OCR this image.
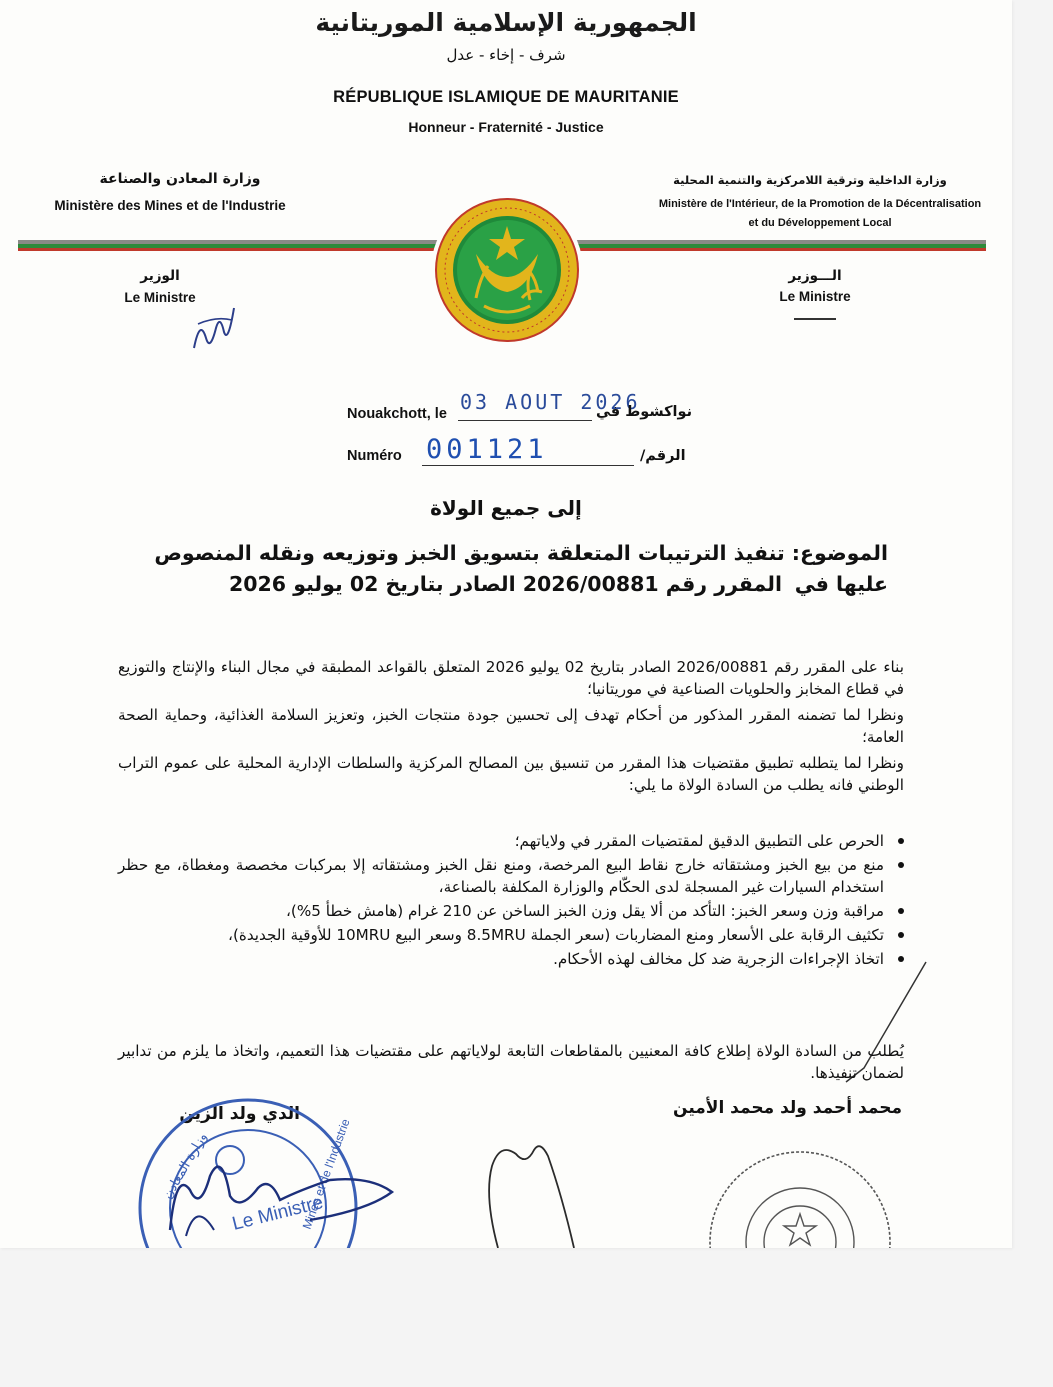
الجمهورية الإسلامية الموريتانية
شرف - إخاء - عدل
RÉPUBLIQUE ISLAMIQUE DE MAURITANIE
Honneur - Fraternité - Justice
وزارة المعادن والصناعة
Ministère des Mines et de l'Industrie
وزارة الداخلية وترقية اللامركزية والتنمية المحلية
Ministère de l'Intérieur, de la Promotion de la Décentralisation
et du Développement Local
الوزير
Le Ministre
الـــوزير
Le Ministre
Nouakchott, le 03 AOUT 2026
نواكشوط في
Numéro 001121	الرقم/
إلى جميع الولاة
الموضوع: تنفيذ الترتيبات المتعلقة بتسويق الخبز وتوزيعه ونقله المنصوص عليها في
المقرر رقم 2026/00881 الصادر بتاريخ 02 يوليو 2026
بناء على المقرر رقم 2026/00881 الصادر بتاريخ 02 يوليو 2026 المتعلق بالقواعد المطبقة في مجال البناء والإنتاج والتوزيع في قطاع المخابز والحلويات الصناعية في موريتانيا؛
ونظرا لما تضمنه المقرر المذكور من أحكام تهدف إلى تحسين جودة منتجات الخبز، وتعزيز السلامة الغذائية، وحماية الصحة العامة؛
ونظرا لما يتطلبه تطبيق مقتضيات هذا المقرر من تنسيق بين المصالح المركزية والسلطات الإدارية المحلية على عموم التراب الوطني فانه يطلب من السادة الولاة ما يلي:
الحرص على التطبيق الدقيق لمقتضيات المقرر في ولاياتهم؛
منع من بيع الخبز ومشتقاته خارج نقاط البيع المرخصة، ومنع نقل الخبز ومشتقاته إلا بمركبات مخصصة ومغطاة، مع حظر استخدام السيارات غير المسجلة لدى الحكّام والوزارة المكلفة بالصناعة،
مراقبة وزن وسعر الخبز: التأكد من ألا يقل وزن الخبز الساخن عن 210 غرام (هامش خطأ 5%)،
تكثيف الرقابة على الأسعار ومنع المضاربات (سعر الجملة 8.5MRU وسعر البيع 10MRU للأوقية الجديدة)،
اتخاذ الإجراءات الزجرية ضد كل مخالف لهذه الأحكام.
يُطلب من السادة الولاة إطلاع كافة المعنيين بالمقاطعات التابعة لولاياتهم على مقتضيات هذا التعميم، واتخاذ ما يلزم من تدابير لضمان تنفيذها.
محمد أحمد ولد محمد الأمين
الدي ولد الزين
Le Ministre
Mines et de l'Industrie
وزارة المعادن
